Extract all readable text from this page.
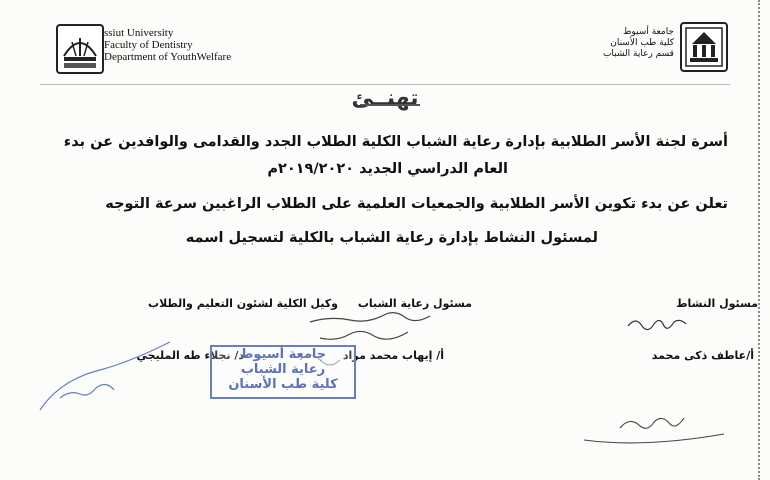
ssiut University
Faculty of Dentistry
Department of YouthWelfare
جامعة أسيوط
كلية طب الأسنان
قسم رعاية الشباب
تهنــئ
أسرة لجنة الأسر الطلابية بإدارة رعاية الشباب الكلية الطلاب الجدد والقدامى والوافدين عن بدء
العام الدراسي الجديد ٢٠١٩/٢٠٢٠م
تعلن عن بدء تكوين الأسر الطلابية والجمعيات العلمية على الطلاب الراغبين سرعة التوجه
لمسئول النشاط بإدارة رعاية الشباب بالكلية لتسجيل اسمه
مسئول النشاط
مسئول رعاية الشباب
وكيل الكلية لشئون التعليم والطلاب
أ/عاطف ذكى محمد
أ/ إيهاب محمد مراد
د/ نجلاء طه المليجي
جامعة أسيوط
رعاية الشباب
كلية طب الأسنان
